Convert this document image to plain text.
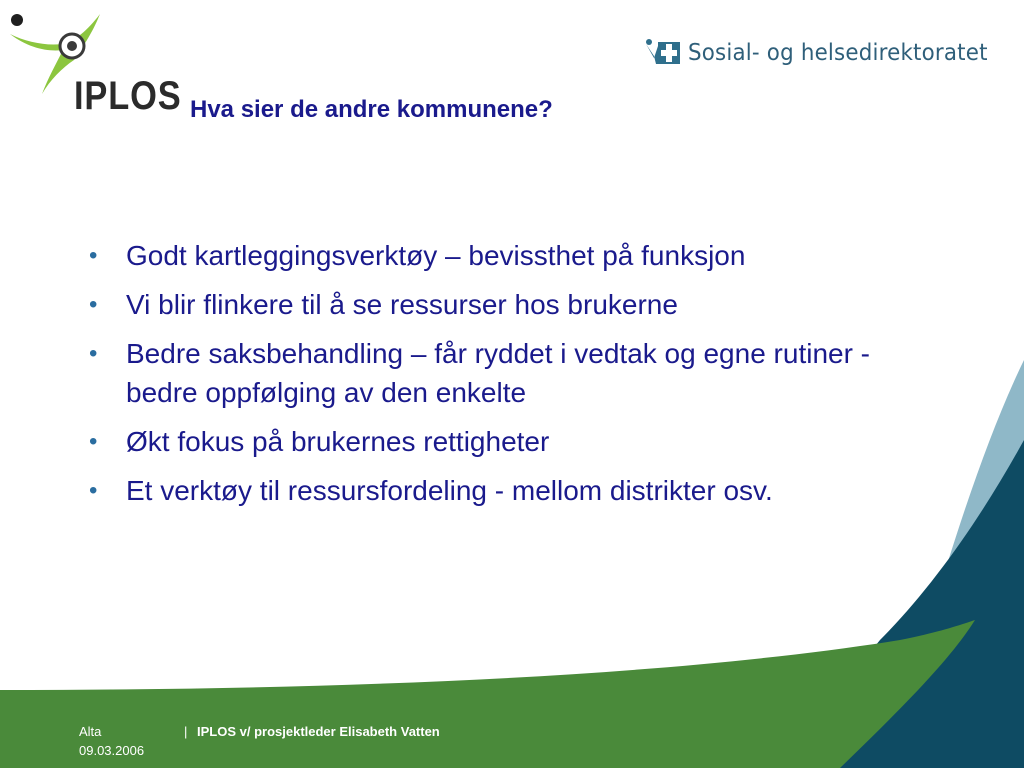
IPLOS
Sosial- og helsedirektoratet
Hva sier de andre kommunene?
• Godt kartleggingsverktøy – bevissthet på funksjon
• Vi blir flinkere til å se ressurser hos brukerne
• Bedre saksbehandling – får ryddet i vedtak og egne rutiner - bedre oppfølging av den enkelte
• Økt fokus på brukernes rettigheter
• Et verktøy til ressursfordeling - mellom distrikter osv.
Alta
09.03.2006
| IPLOS v/ prosjektleder Elisabeth Vatten
